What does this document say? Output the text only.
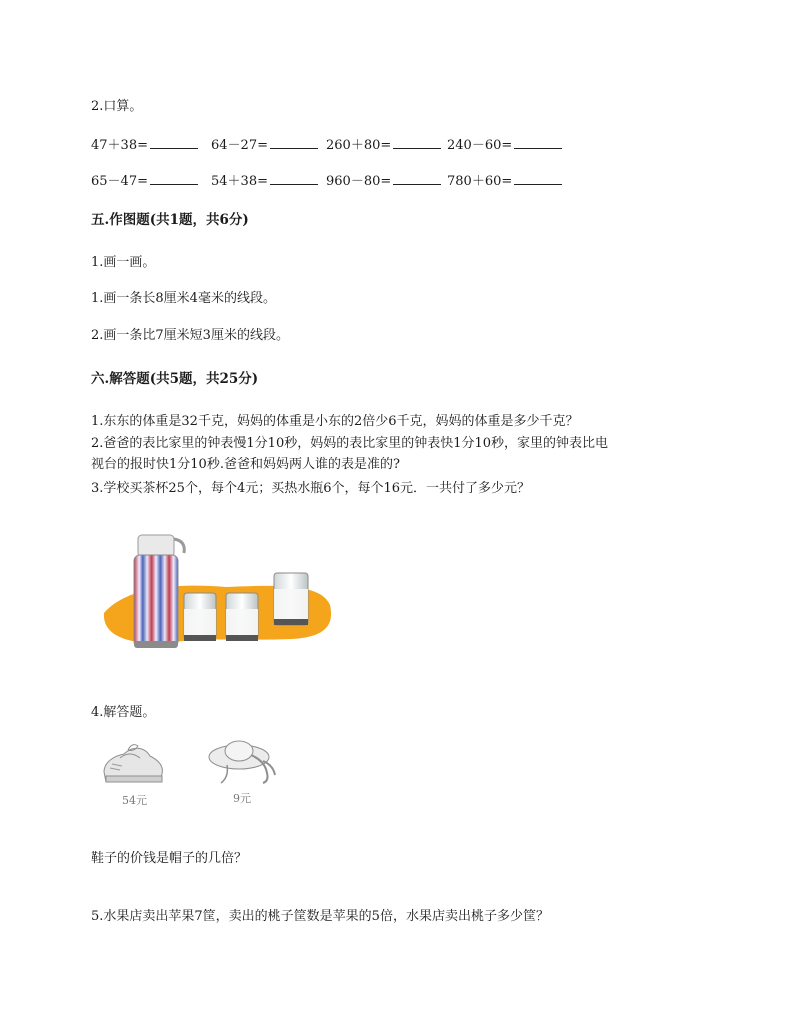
2.口算。
47＋38=	64－27=	260＋80=	240－60=
65－47=	54＋38=	960－80=	780＋60=
五.作图题(共1题，共6分)
1.画一画。
1.画一条长8厘米4毫米的线段。
2.画一条比7厘米短3厘米的线段。
六.解答题(共5题，共25分)
1.东东的体重是32千克，妈妈的体重是小东的2倍少6千克，妈妈的体重是多少千克？
2.爸爸的表比家里的钟表慢1分10秒，妈妈的表比家里的钟表快1分10秒，家里的钟表比电
视台的报时快1分10秒.爸爸和妈妈两人谁的表是准的?
3.学校买茶杯25个，每个4元；买热水瓶6个，每个16元．一共付了多少元？
4.解答题。
54元	9元
鞋子的价钱是帽子的几倍？
5.水果店卖出苹果7筐，卖出的桃子筐数是苹果的5倍，水果店卖出桃子多少筐？
